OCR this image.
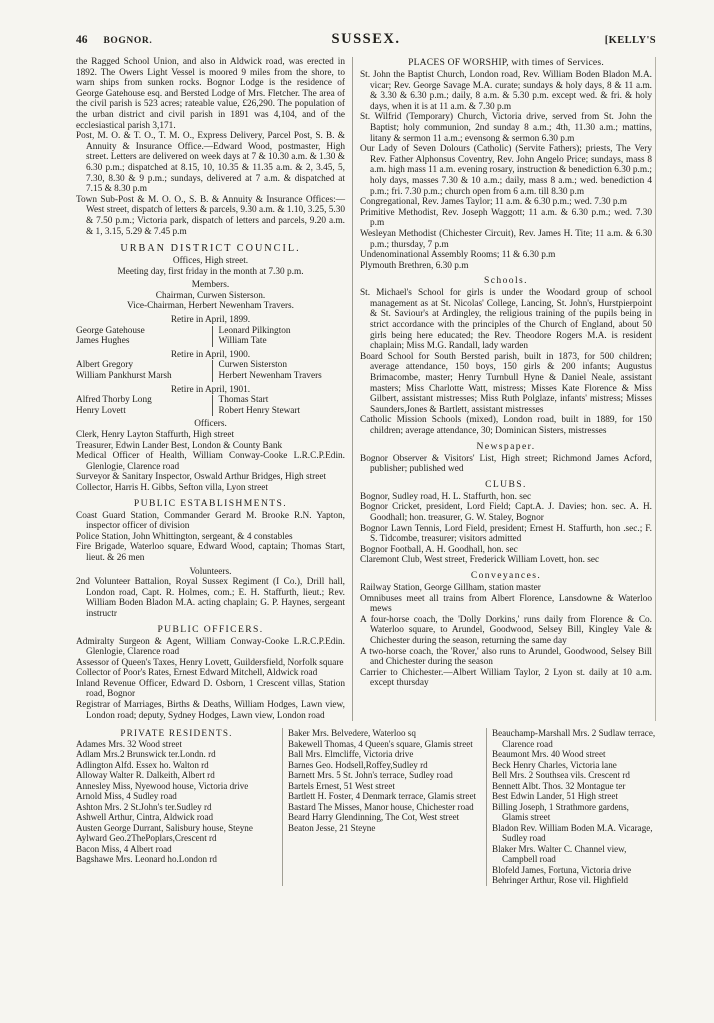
46 BOGNOR.	SUSSEX.	[KELLY'S

the Ragged School Union, and also in Aldwick road, was erected in 1892. The Owers Light Vessel is moored 9 miles from the shore, to warn ships from sunken rocks. Bognor Lodge is the residence of George Gatehouse esq. and Bersted Lodge of Mrs. Fletcher. The area of the civil parish is 523 acres; rateable value, £26,290. The population of the urban district and civil parish in 1891 was 4,104, and of the ecclesiastical parish 3,171.

Post, M. O. & T. O., T. M. O., Express Delivery, Parcel Post, S. B. & Annuity & Insurance Office.—Edward Wood, postmaster, High street. Letters are delivered on week days at 7 & 10.30 a.m. & 1.30 & 6.30 p.m.; dispatched at 8.15, 10, 10.35 & 11.35 a.m. & 2, 3.45, 5, 7.30, 8.30 & 9 p.m.; sundays, delivered at 7 a.m. & dispatched at 7.15 & 8.30 p.m

Town Sub-Post & M. O. O., S. B. & Annuity & Insurance Offices:—West street, dispatch of letters & parcels, 9.30 a.m. & 1.10, 3.25, 5.30 & 7.50 p.m.; Victoria park, dispatch of letters and parcels, 9.20 a.m. & 1, 3.15, 5.29 & 7.45 p.m

URBAN DISTRICT COUNCIL.
Offices, High street.
Meeting day, first friday in the month at 7.30 p.m.
Members.
Chairman, Curwen Sisterson.
Vice-Chairman, Herbert Newenham Travers.
Retire in April, 1899.
George Gatehouse	Leonard Pilkington
James Hughes	William Tate
Retire in April, 1900.
Albert Gregory	Curwen Sisterston
William Pankhurst Marsh	Herbert Newenham Travers
Retire in April, 1901.
Alfred Thorby Long	Thomas Start
Henry Lovett	Robert Henry Stewart
Officers.

Clerk, Henry Layton Staffurth, High street

Treasurer, Edwin Lander Best, London & County Bank

Medical Officer of Health, William Conway-Cooke L.R.C.P.Edin. Glenlogie, Clarence road

Surveyor & Sanitary Inspector, Oswald Arthur Bridges, High street

Collector, Harris H. Gibbs, Sefton villa, Lyon street

PUBLIC ESTABLISHMENTS.

Coast Guard Station, Commander Gerard M. Brooke R.N. Yapton, inspector officer of division

Police Station, John Whittington, sergeant, & 4 constables

Fire Brigade, Waterloo square, Edward Wood, captain; Thomas Start, lieut. & 26 men

Volunteers.

2nd Volunteer Battalion, Royal Sussex Regiment (I Co.), Drill hall, London road, Capt. R. Holmes, com.; E. H. Staffurth, lieut.; Rev. William Boden Bladon M.A. acting chaplain; G. P. Haynes, sergeant instructr

PUBLIC OFFICERS.

Admiralty Surgeon & Agent, William Conway-Cooke L.R.C.P.Edin. Glenlogie, Clarence road

Assessor of Queen's Taxes, Henry Lovett, Guildersfield, Norfolk square

Collector of Poor's Rates, Ernest Edward Mitchell, Aldwick road

Inland Revenue Officer, Edward D. Osborn, 1 Crescent villas, Station road, Bognor

Registrar of Marriages, Births & Deaths, William Hodges, Lawn view, London road; deputy, Sydney Hodges, Lawn view, London road

PLACES OF WORSHIP, with times of Services.

St. John the Baptist Church, London road, Rev. William Boden Bladon M.A. vicar; Rev. George Savage M.A. curate; sundays & holy days, 8 & 11 a.m. & 3.30 & 6.30 p.m.; daily, 8 a.m. & 5.30 p.m. except wed. & fri. & holy days, when it is at 11 a.m. & 7.30 p.m

St. Wilfrid (Temporary) Church, Victoria drive, served from St. John the Baptist; holy communion, 2nd sunday 8 a.m.; 4th, 11.30 a.m.; mattins, litany & sermon 11 a.m.; evensong & sermon 6.30 p.m

Our Lady of Seven Dolours (Catholic) (Servite Fathers); priests, The Very Rev. Father Alphonsus Coventry, Rev. John Angelo Price; sundays, mass 8 a.m. high mass 11 a.m. evening rosary, instruction & benediction 6.30 p.m.; holy days, masses 7.30 & 10 a.m.; daily, mass 8 a.m.; wed. benediction 4 p.m.; fri. 7.30 p.m.; church open from 6 a.m. till 8.30 p.m

Congregational, Rev. James Taylor; 11 a.m. & 6.30 p.m.; wed. 7.30 p.m

Primitive Methodist, Rev. Joseph Waggott; 11 a.m. & 6.30 p.m.; wed. 7.30 p.m

Wesleyan Methodist (Chichester Circuit), Rev. James H. Tite; 11 a.m. & 6.30 p.m.; thursday, 7 p.m

Undenominational Assembly Rooms; 11 & 6.30 p.m

Plymouth Brethren, 6.30 p.m

Schools.

St. Michael's School for girls is under the Woodard group of school management as at St. Nicolas' College, Lancing, St. John's, Hurstpierpoint & St. Saviour's at Ardingley, the religious training of the pupils being in strict accordance with the principles of the Church of England, about 50 girls being here educated; the Rev. Theodore Rogers M.A. is resident chaplain; Miss M.G. Randall, lady warden

Board School for South Bersted parish, built in 1873, for 500 children; average attendance, 150 boys, 150 girls & 200 infants; Augustus Brimacombe, master; Henry Turnbull Hyne & Daniel Neale, assistant masters; Miss Charlotte Watt, mistress; Misses Kate Florence & Miss Gilbert, assistant mistresses; Miss Ruth Polglaze, infants' mistress; Misses Saunders,Jones & Bartlett, assistant mistresses

Catholic Mission Schools (mixed), London road, built in 1889, for 150 children; average attendance, 30; Dominican Sisters, mistresses

Newspaper.

Bognor Observer & Visitors' List, High street; Richmond James Acford, publisher; published wed

CLUBS.

Bognor, Sudley road, H. L. Staffurth, hon. sec

Bognor Cricket, president, Lord Field; Capt.A. J. Davies; hon. sec. A. H. Goodhall; hon. treasurer, G. W. Staley, Bognor

Bognor Lawn Tennis, Lord Field, president; Ernest H. Staffurth, hon .sec.; F. S. Tidcombe, treasurer; visitors admitted

Bognor Football, A. H. Goodhall, hon. sec

Claremont Club, West street, Frederick William Lovett, hon. sec

Conveyances.

Railway Station, George Gillham, station master

Omnibuses meet all trains from Albert Florence, Lansdowne & Waterloo mews

A four-horse coach, the 'Dolly Dorkins,' runs daily from Florence & Co. Waterloo square, to Arundel, Goodwood, Selsey Bill, Kingley Vale & Chichester during the season, returning the same day

A two-horse coach, the 'Rover,' also runs to Arundel, Goodwood, Selsey Bill and Chichester during the season

Carrier to Chichester.—Albert William Taylor, 2 Lyon st. daily at 10 a.m. except thursday

PRIVATE RESIDENTS.

Adames Mrs. 32 Wood street

Adlam Mrs.2 Brunswick ter.Londn. rd

Adlington Alfd. Essex ho. Walton rd

Alloway Walter R. Dalkeith, Albert rd

Annesley Miss, Nyewood house, Victoria drive

Arnold Miss, 4 Sudley road

Ashton Mrs. 2 St.John's ter.Sudley rd

Ashwell Arthur, Cintra, Aldwick road

Austen George Durrant, Salisbury house, Steyne

Aylward Geo.2ThePoplars,Crescent rd

Bacon Miss, 4 Albert road

Bagshawe Mrs. Leonard ho.London rd

Baker Mrs. Belvedere, Waterloo sq

Bakewell Thomas, 4 Queen's square, Glamis street

Ball Mrs. Elmcliffe, Victoria drive

Barnes Geo. Hodsell,Roffey,Sudley rd

Barnett Mrs. 5 St. John's terrace, Sudley road

Bartels Ernest, 51 West street

Bartlett H. Foster, 4 Denmark terrace, Glamis street

Bastard The Misses, Manor house, Chichester road

Beard Harry Glendinning, The Cot, West street

Beaton Jesse, 21 Steyne

Beauchamp-Marshall Mrs. 2 Sudlaw terrace, Clarence road

Beaumont Mrs. 40 Wood street

Beck Henry Charles, Victoria lane

Bell Mrs. 2 Southsea vils. Crescent rd

Bennett Albt. Thos. 32 Montague ter

Best Edwin Lander, 51 High street

Billing Joseph, 1 Strathmore gardens, Glamis street

Bladon Rev. William Boden M.A. Vicarage, Sudley road

Blaker Mrs. Walter C. Channel view, Campbell road

Blofeld James, Fortuna, Victoria drive

Behringer Arthur, Rose vil. Highfield
